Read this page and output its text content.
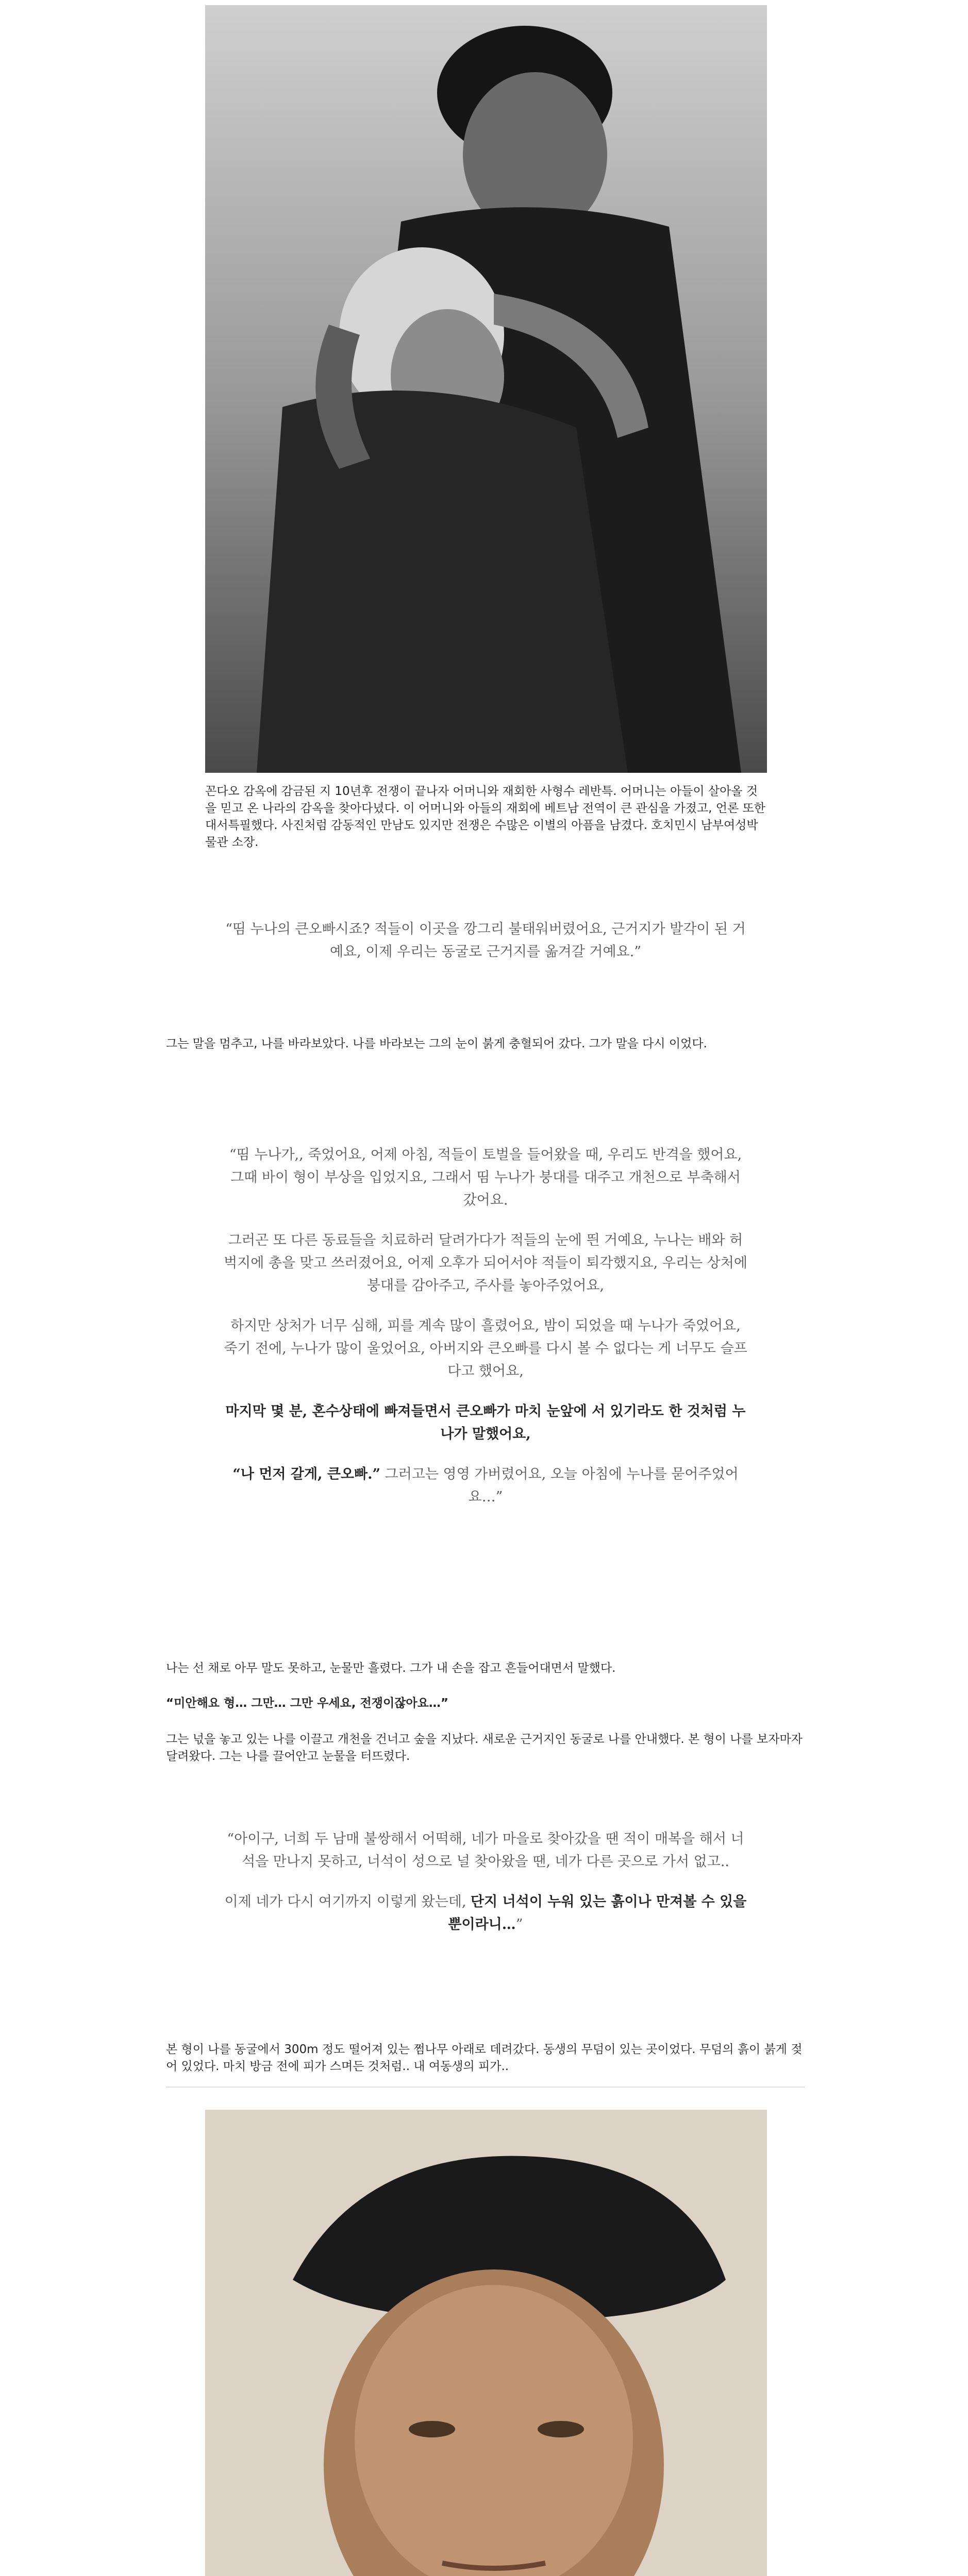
꼰다오 감옥에 감금된 지 10년후 전쟁이 끝나자 어머니와 재회한 사형수 레반특. 어머니는 아들이 살아올 것을 믿고 온 나라의 감옥을 찾아다녔다. 이 어머니와 아들의 재회에 베트남 전역이 큰 관심을 가졌고, 언론 또한 대서특필했다. 사진처럼 감동적인 만남도 있지만 전쟁은 수많은 이별의 아픔을 남겼다. 호치민시 남부여성박물관 소장.
“띰 누나의 큰오빠시죠? 적들이 이곳을 깡그리 불태워버렸어요, 근거지가 발각이 된 거예요, 이제 우리는 동굴로 근거지를 옮겨갈 거예요.”
그는 말을 멈추고, 나를 바라보았다. 나를 바라보는 그의 눈이 붉게 충혈되어 갔다. 그가 말을 다시 이었다.
“띰 누나가,, 죽었어요, 어제 아침, 적들이 토벌을 들어왔을 때, 우리도 반격을 했어요, 그때 바이 형이 부상을 입었지요, 그래서 띰 누나가 붕대를 대주고 개천으로 부축해서 갔어요.
그러곤 또 다른 동료들을 치료하러 달려가다가 적들의 눈에 띈 거예요, 누나는 배와 허벅지에 총을 맞고 쓰러졌어요, 어제 오후가 되어서야 적들이 퇴각했지요, 우리는 상처에 붕대를 감아주고, 주사를 놓아주었어요,
하지만 상처가 너무 심해, 피를 계속 많이 흘렸어요, 밤이 되었을 때 누나가 죽었어요, 죽기 전에, 누나가 많이 울었어요, 아버지와 큰오빠를 다시 볼 수 없다는 게 너무도 슬프다고 했어요,
마지막 몇 분, 혼수상태에 빠져들면서 큰오빠가 마치 눈앞에 서 있기라도 한 것처럼 누나가 말했어요,
“나 먼저 갈게, 큰오빠.” 그러고는 영영 가버렸어요, 오늘 아침에 누나를 묻어주었어요…”
나는 선 채로 아무 말도 못하고, 눈물만 흘렸다. 그가 내 손을 잡고 흔들어대면서 말했다.
“미안해요 형… 그만… 그만 우세요, 전쟁이잖아요…”
그는 넋을 놓고 있는 나를 이끌고 개천을 건너고 숲을 지났다. 새로운 근거지인 동굴로 나를 안내했다. 본 형이 나를 보자마자 달려왔다. 그는 나를 끌어안고 눈물을 터뜨렸다.
“아이구, 너희 두 남매 불쌍해서 어떡해, 네가 마을로 찾아갔을 땐 적이 매복을 해서 너석을 만나지 못하고, 너석이 성으로 널 찾아왔을 땐, 네가 다른 곳으로 가서 없고..
이제 네가 다시 여기까지 이렇게 왔는데, 단지 너석이 누워 있는 흙이나 만져볼 수 있을 뿐이라니…”
본 형이 나를 동굴에서 300m 정도 떨어져 있는 쩜나무 아래로 데려갔다. 동생의 무덤이 있는 곳이었다. 무덤의 흙이 붉게 젖어 있었다. 마치 방금 전에 피가 스며든 것처럼.. 내 여동생의 피가..
